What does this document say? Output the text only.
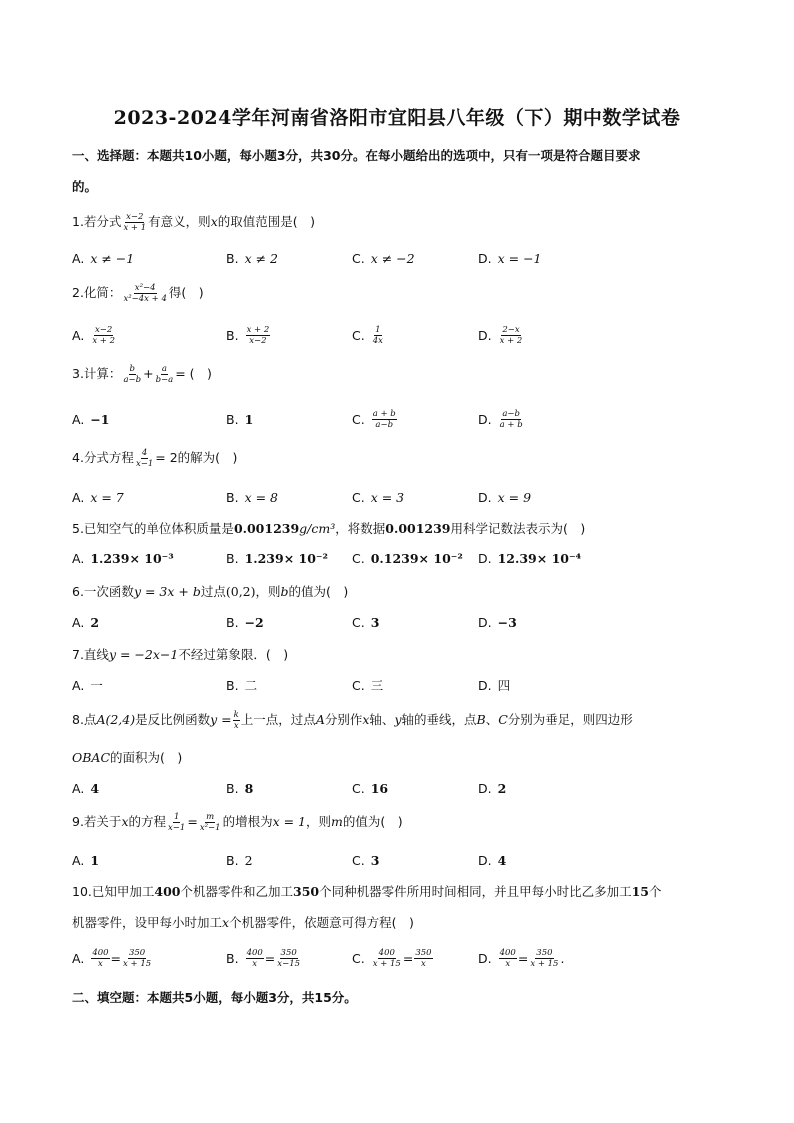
2023-2024学年河南省洛阳市宜阳县八年级（下）期中数学试卷
一、选择题：本题共10小题，每小题3分，共30分。在每小题给出的选项中，只有一项是符合题目要求
的。
1.若分式 $\frac{x-2}{x + 1}$ 有意义，则x的取值范围是(　)
A. x ≠ −1	B. x ≠ 2	C. x ≠ −2	D. x = −1
2.化简： $\frac{\text{x²−4}}{\text{x²−4x + 4}}$ 得(　)
A. $\frac{x-2}{x + 2}$	B. $\frac{x + 2}{x-2}$	C. $\frac{1}{4x}$	D. $\frac{2-x}{x + 2}$
3.计算： $\frac{b}{a-b} + \frac{a}{b-a}$ = (　)
A. −1	B. 1	C. $\frac{a + b}{a-b}$	D. $\frac{a-b}{a + b}$
4.分式方程 $\frac{4}{x-1} = 2$的解为(　)
A. x = 7	B. x = 8	C. x = 3	D. x = 9
5.已知空气的单位体积质量是0.001239g/cm³，将数据0.001239用科学记数法表示为(　)
A. 1.239× 10⁻³	B. 1.239× 10⁻² C. 0.1239× 10⁻² D. 12.39× 10⁻⁴
6.一次函数y = 3x + b过点(0,2)，则b的值为(　)
A. 2	B. −2	C. 3	D. −3
7.直线y = −2x−1不经过第象限．(　)
A. 一	B. 二	C. 三	D. 四
8.点A(2,4)是反比例函数$y = \frac{k}{x}$ 上一点，过点A分别作x轴、y轴的垂线，点B、C分别为垂足，则四边形
OBAC的面积为(　)
A. 4	B. 8	C. 16	D. 2
9.若关于x的方程 $\frac{1}{x-1} = \frac{m}{\text{x²−1}}$ 的增根为x = 1，则m的值为(　)
A. 1	B. 2	C. 3	D. 4
10.已知甲加工400个机器零件和乙加工350个同种机器零件所用时间相同，并且甲每小时比乙多加工15个
机器零件，设甲每小时加工x个机器零件，依题意可得方程(　)
A. $\frac{400}{x} = \frac{350}{x + 15}$	B. $\frac{400}{x} = \frac{350}{x-15}$	C. $\frac{400}{x + 15} = \frac{350}{x}$	D. $\frac{400}{x} = \frac{350}{x + 15}$ .
二、填空题：本题共5小题，每小题3分，共15分。
